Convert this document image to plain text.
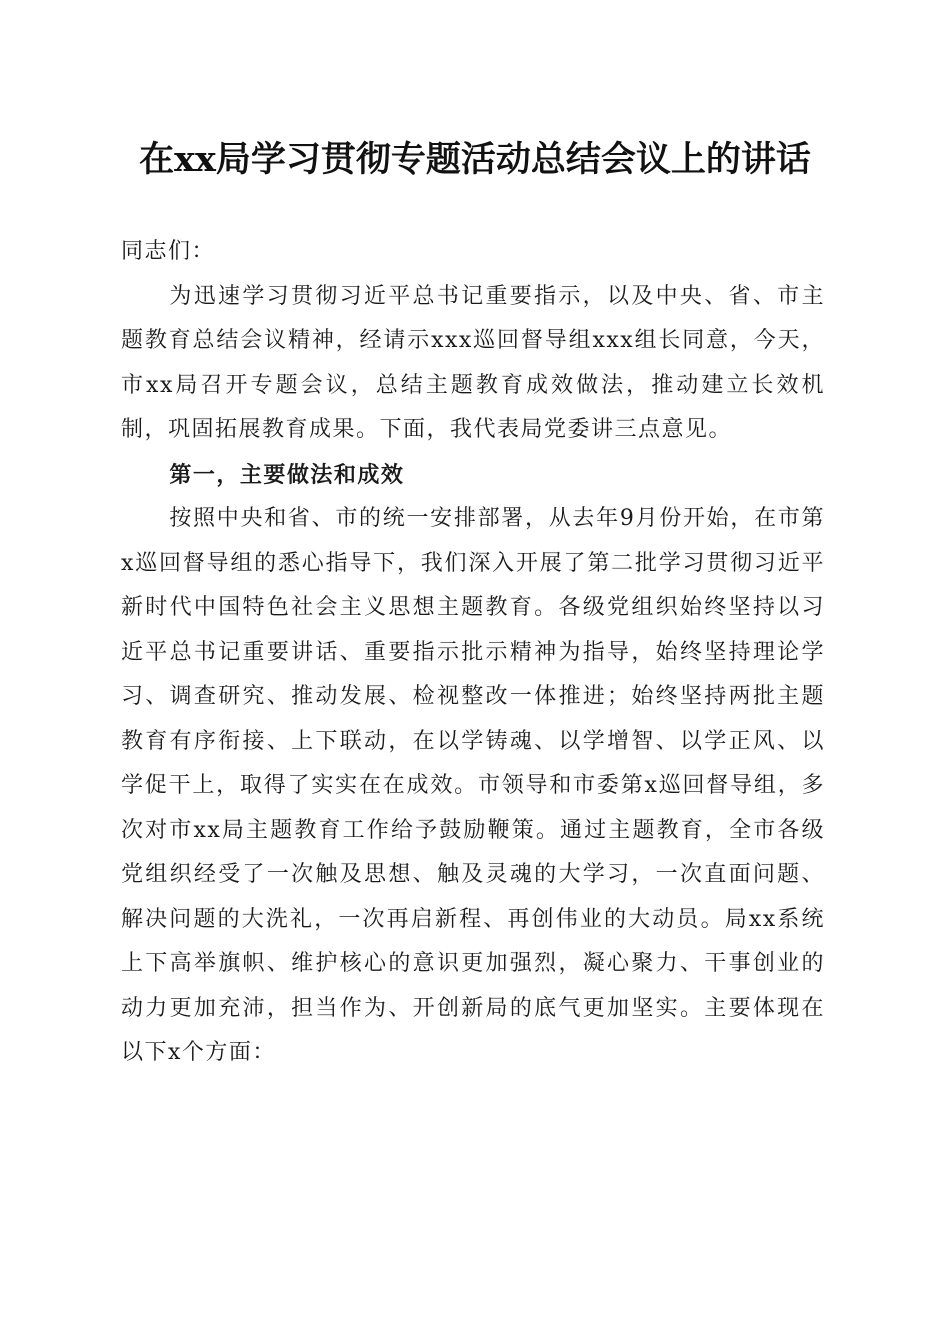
在xx局学习贯彻专题活动总结会议上的讲话

同志们：

为迅速学习贯彻习近平总书记重要指示，以及中央、省、市主题教育总结会议精神，经请示xxx巡回督导组xxx组长同意，今天，市xx局召开专题会议，总结主题教育成效做法，推动建立长效机制，巩固拓展教育成果。下面，我代表局党委讲三点意见。

第一，主要做法和成效

按照中央和省、市的统一安排部署，从去年9月份开始，在市第x巡回督导组的悉心指导下，我们深入开展了第二批学习贯彻习近平新时代中国特色社会主义思想主题教育。各级党组织始终坚持以习近平总书记重要讲话、重要指示批示精神为指导，始终坚持理论学习、调查研究、推动发展、检视整改一体推进；始终坚持两批主题教育有序衔接、上下联动，在以学铸魂、以学增智、以学正风、以学促干上，取得了实实在在成效。市领导和市委第x巡回督导组，多次对市xx局主题教育工作给予鼓励鞭策。通过主题教育，全市各级党组织经受了一次触及思想、触及灵魂的大学习，一次直面问题、解决问题的大洗礼，一次再启新程、再创伟业的大动员。局xx系统上下高举旗帜、维护核心的意识更加强烈，凝心聚力、干事创业的动力更加充沛，担当作为、开创新局的底气更加坚实。主要体现在以下x个方面：
